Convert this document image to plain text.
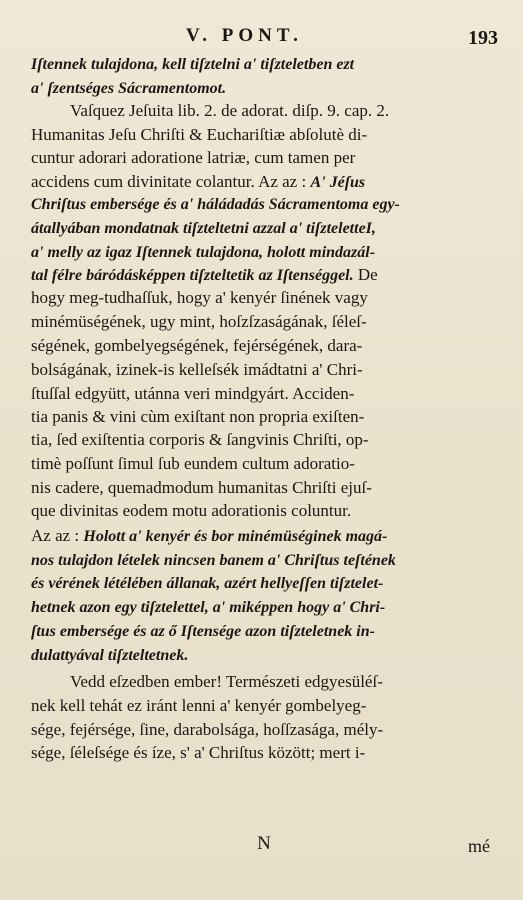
V. PONT.	193
Iſtennek tulajdona, kell tiſztelni a' tiſzteletben ezt
a' ſzentséges Sácramentomot.
Vaſquez Jeſuita lib. 2. de adorat. diſp. 9. cap. 2.
Humanitas Jeſu Chriſti & Euchariſtiæ abſolutè di-
cuntur adorari adoratione latriæ, cum tamen per
accidens cum divinitate colantur. Az az : A' Jéſus
Chriſtus embersége és a' háládadás Sácramentoma egy-
átallyában mondatnak tiſzteltetni azzal a' tiſzteletteI,
a' melly az igaz Iſtennek tulajdona, holott mindazál-
tal félre báródásképpen tiſzteltetik az Iſtenséggel. De
hogy meg-tudhaſſuk, hogy a' kenyér ſinének vagy
minémüségének, ugy mint, hoſzſzaságának, ſéleſ-
ségének, gombelyegségének, fejérségének, dara-
bolságának, izinek-is kelleſsék imádtatni a' Chri-
ſtuſſal edgyütt, utánna veri mindgyárt. Acciden-
tia panis & vini cùm exiſtant non propria exiſten-
tia, ſed exiſtentia corporis & ſangvinis Chriſti, op-
timè poſſunt ſimul ſub eundem cultum adoratio-
nis cadere, quemadmodum humanitas Chriſti ejuſ-
que divinitas eodem motu adorationis coluntur.
Az az : Holott a' kenyér és bor minémüséginek magá-
nos tulajdon lételek nincsen banem a' Chriſtus teſtének
és vérének létélében állanak, azért hellyeſſen tiſztelet-
hetnek azon egy tiſztelettel, a' miképpen hogy a' Chri-
ſtus embersége és az ő Iſtensége azon tiſzteletnek in-
dulattyával tiſzteltetnek.
Vedd eſzedben ember! Természeti edgyesüléſ-
nek kell tehát ez iránt lenni a' kenyér gombelyeg-
sége, fejérsége, ſine, darabolsága, hoſſzasága, mély-
sége, ſéleſsége és íze, s' a' Chriſtus között; mert i-
N	mé
